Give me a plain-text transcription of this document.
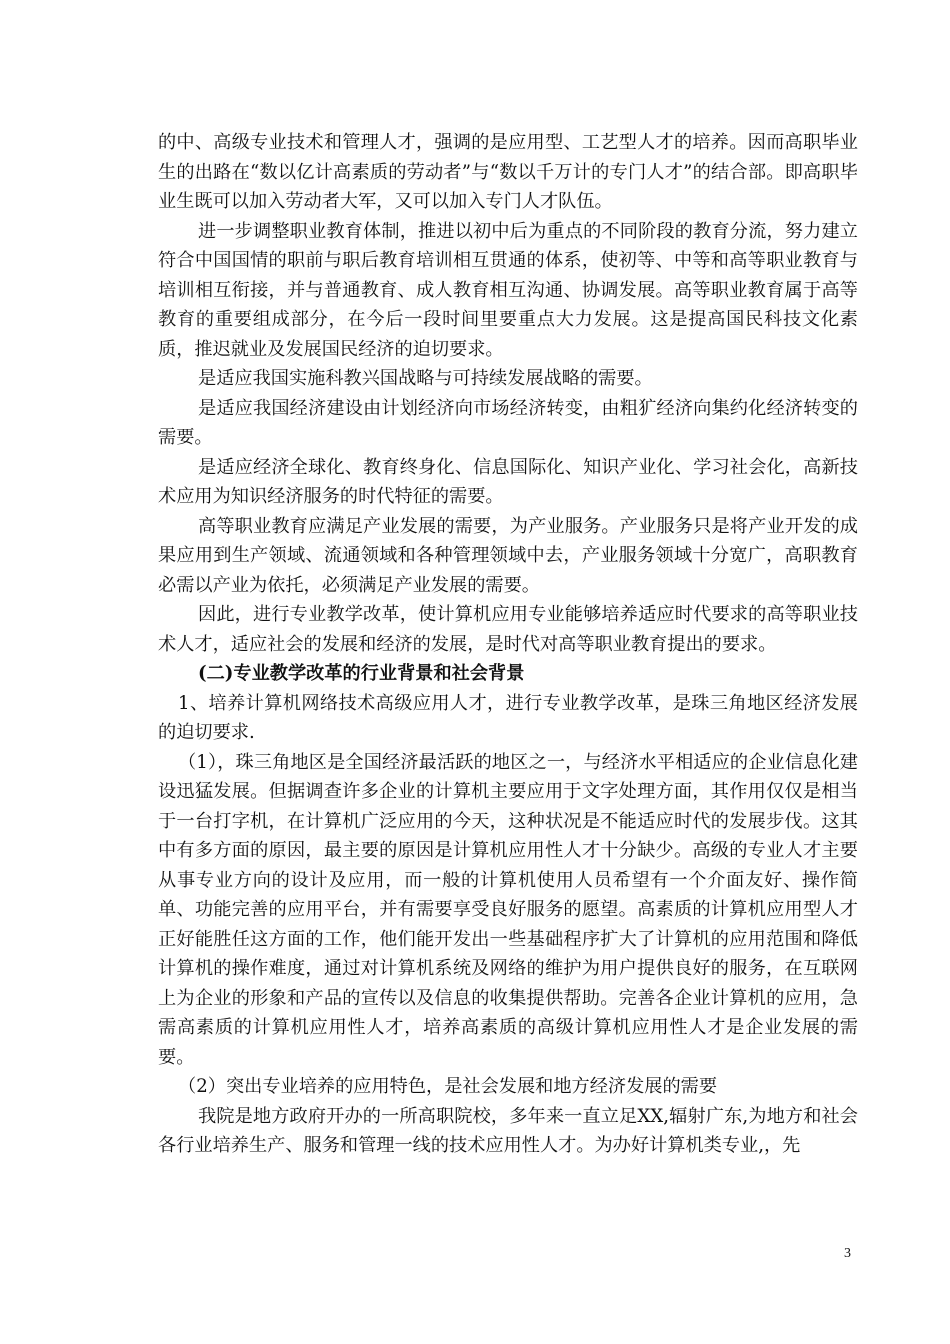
的中、高级专业技术和管理人才，强调的是应用型、工艺型人才的培养。因而高职毕业生的出路在“数以亿计高素质的劳动者”与“数以千万计的专门人才”的结合部。即高职毕业生既可以加入劳动者大军，又可以加入专门人才队伍。

进一步调整职业教育体制，推进以初中后为重点的不同阶段的教育分流，努力建立符合中国国情的职前与职后教育培训相互贯通的体系，使初等、中等和高等职业教育与培训相互衔接，并与普通教育、成人教育相互沟通、协调发展。高等职业教育属于高等教育的重要组成部分，在今后一段时间里要重点大力发展。这是提高国民科技文化素质，推迟就业及发展国民经济的迫切要求。

是适应我国实施科教兴国战略与可持续发展战略的需要。

是适应我国经济建设由计划经济向市场经济转变，由粗犷经济向集约化经济转变的需要。

是适应经济全球化、教育终身化、信息国际化、知识产业化、学习社会化，高新技术应用为知识经济服务的时代特征的需要。

高等职业教育应满足产业发展的需要，为产业服务。产业服务只是将产业开发的成果应用到生产领域、流通领域和各种管理领域中去，产业服务领域十分宽广，高职教育必需以产业为依托，必须满足产业发展的需要。

因此，进行专业教学改革，使计算机应用专业能够培养适应时代要求的高等职业技术人才，适应社会的发展和经济的发展，是时代对高等职业教育提出的要求。

(二)专业教学改革的行业背景和社会背景

1、培养计算机网络技术高级应用人才，进行专业教学改革，是珠三角地区经济发展的迫切要求.

（1），珠三角地区是全国经济最活跃的地区之一，与经济水平相适应的企业信息化建设迅猛发展。但据调查许多企业的计算机主要应用于文字处理方面，其作用仅仅是相当于一台打字机，在计算机广泛应用的今天，这种状况是不能适应时代的发展步伐。这其中有多方面的原因，最主要的原因是计算机应用性人才十分缺少。高级的专业人才主要从事专业方向的设计及应用，而一般的计算机使用人员希望有一个介面友好、操作简单、功能完善的应用平台，并有需要享受良好服务的愿望。高素质的计算机应用型人才正好能胜任这方面的工作，他们能开发出一些基础程序扩大了计算机的应用范围和降低计算机的操作难度，通过对计算机系统及网络的维护为用户提供良好的服务，在互联网上为企业的形象和产品的宣传以及信息的收集提供帮助。完善各企业计算机的应用，急需高素质的计算机应用性人才，培养高素质的高级计算机应用性人才是企业发展的需要。

（2）突出专业培养的应用特色，是社会发展和地方经济发展的需要

我院是地方政府开办的一所高职院校，多年来一直立足XX,辐射广东,为地方和社会各行业培养生产、服务和管理一线的技术应用性人才。为办好计算机类专业,，先

3
